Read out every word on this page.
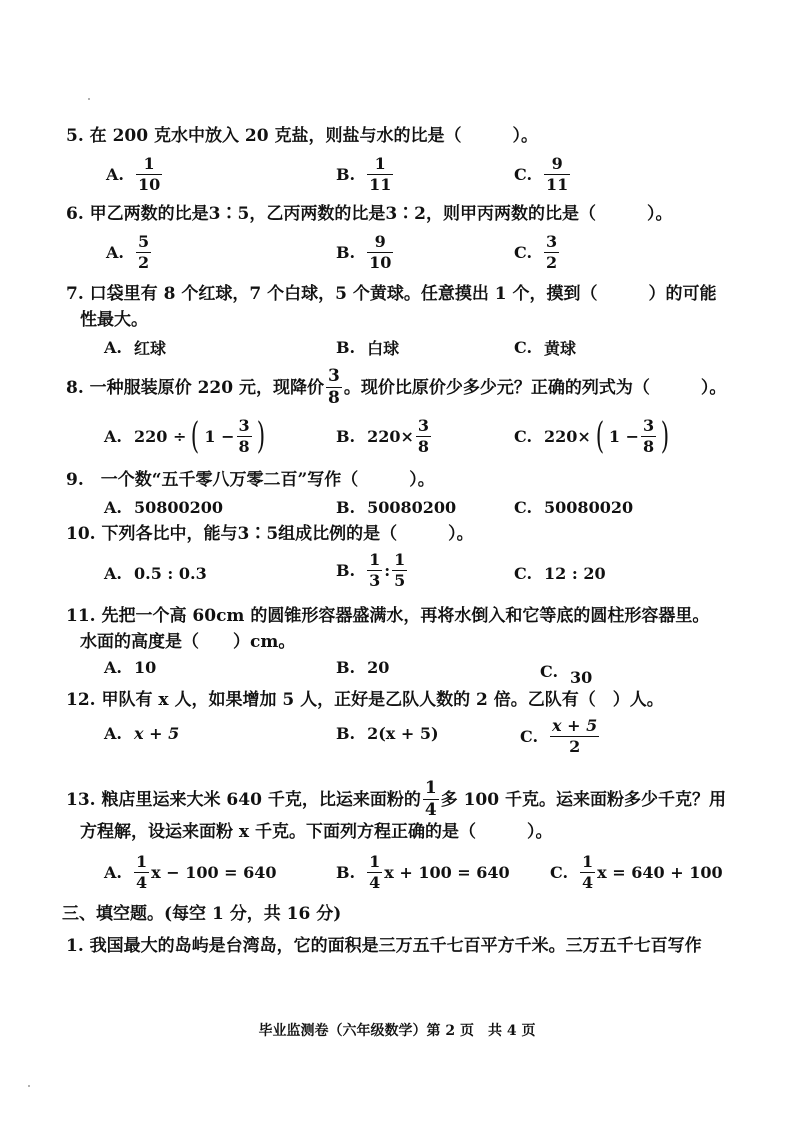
5. 在 200 克水中放入 20 克盐，则盐与水的比是（　　　）。
A. $\frac{1}{10}$	B. $\frac{1}{11}$	C. $\frac{9}{11}$
6. 甲乙两数的比是3∶5，乙丙两数的比是3∶2，则甲丙两数的比是（　　　）。
A. $\frac{5}{2}$	B. $\frac{9}{10}$	C. $\frac{3}{2}$
7. 口袋里有 8 个红球，7 个白球，5 个黄球。任意摸出 1 个，摸到（　　　）的可能
性最大。
A. 红球	B. 白球	C. 黄球
8. 一种服装原价 220 元，现降价 $\frac{3}{8}$ 。现价比原价少多少元？正确的列式为（　　　）。
A. 220 ÷ ( $1 - \frac{3}{8}$ )	B. $220\times \frac{3}{8}$	C. 220× ( $1 - \frac{3}{8}$ )
9.　一个数“五千零八万零二百”写作（　　　）。
A. 50800200	B. 50080200	C. 50080020
10. 下列各比中，能与3∶5组成比例的是（　　　）。
A. 0.5 : 0.3	B. $\frac{1}{3}$ : $\frac{1}{5}$	C. 12 : 20
11. 先把一个高 60cm 的圆锥形容器盛满水，再将水倒入和它等底的圆柱形容器里。
水面的高度是（　　）cm。
A. 10	B. 20	C. 30
12. 甲队有 x 人，如果增加 5 人，正好是乙队人数的 2 倍。乙队有（　）人。
A. x + 5	B. 2(x + 5)	C. $\frac{x + 5}{2}$
13. 粮店里运来大米 640 千克，比运来面粉的 $\frac{1}{4}$ 多 100 千克。运来面粉多少千克？用
方程解，设运来面粉 x 千克。下面列方程正确的是（　　　）。
A. $\frac{1}{4}$ x − 100 = 640	B. $\frac{1}{4}$ x + 100 = 640	C. $\frac{1}{4}$ x = 640 + 100
三、填空题。(每空 1 分，共 16 分)
1. 我国最大的岛屿是台湾岛，它的面积是三万五千七百平方千米。三万五千七百写作
毕业监测卷（六年级数学）第 2 页　共 4 页
